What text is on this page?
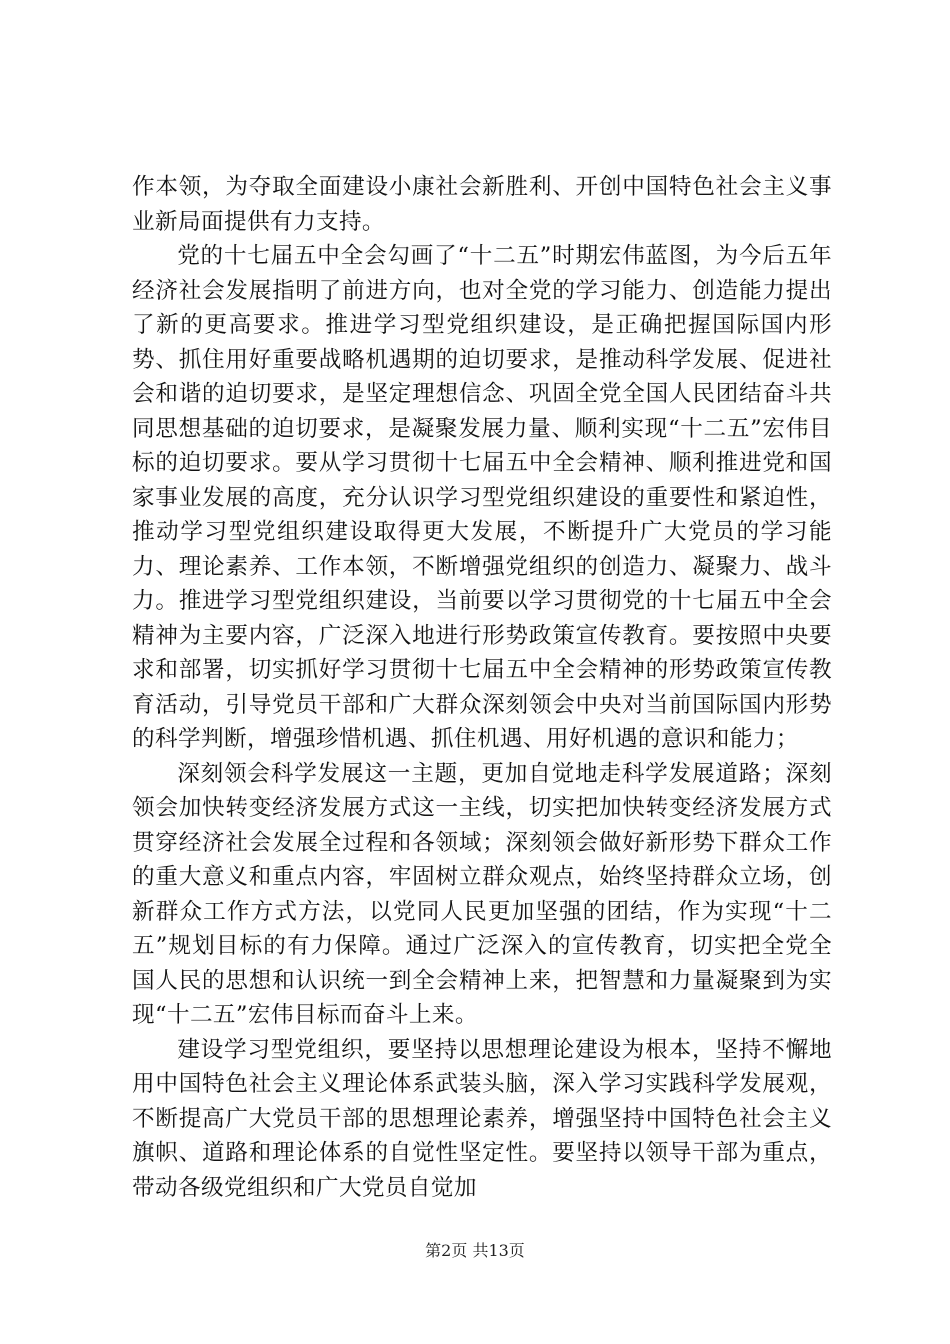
作本领，为夺取全面建设小康社会新胜利、开创中国特色社会主义事业新局面提供有力支持。

党的十七届五中全会勾画了“十二五”时期宏伟蓝图，为今后五年经济社会发展指明了前进方向，也对全党的学习能力、创造能力提出了新的更高要求。推进学习型党组织建设，是正确把握国际国内形势、抓住用好重要战略机遇期的迫切要求，是推动科学发展、促进社会和谐的迫切要求，是坚定理想信念、巩固全党全国人民团结奋斗共同思想基础的迫切要求，是凝聚发展力量、顺利实现“十二五”宏伟目标的迫切要求。要从学习贯彻十七届五中全会精神、顺利推进党和国家事业发展的高度，充分认识学习型党组织建设的重要性和紧迫性，推动学习型党组织建设取得更大发展，不断提升广大党员的学习能力、理论素养、工作本领，不断增强党组织的创造力、凝聚力、战斗力。推进学习型党组织建设，当前要以学习贯彻党的十七届五中全会精神为主要内容，广泛深入地进行形势政策宣传教育。要按照中央要求和部署，切实抓好学习贯彻十七届五中全会精神的形势政策宣传教育活动，引导党员干部和广大群众深刻领会中央对当前国际国内形势的科学判断，增强珍惜机遇、抓住机遇、用好机遇的意识和能力；

深刻领会科学发展这一主题，更加自觉地走科学发展道路；深刻领会加快转变经济发展方式这一主线，切实把加快转变经济发展方式贯穿经济社会发展全过程和各领域；深刻领会做好新形势下群众工作的重大意义和重点内容，牢固树立群众观点，始终坚持群众立场，创新群众工作方式方法，以党同人民更加坚强的团结，作为实现“十二五”规划目标的有力保障。通过广泛深入的宣传教育，切实把全党全国人民的思想和认识统一到全会精神上来，把智慧和力量凝聚到为实现“十二五”宏伟目标而奋斗上来。

建设学习型党组织，要坚持以思想理论建设为根本，坚持不懈地用中国特色社会主义理论体系武装头脑，深入学习实践科学发展观，不断提高广大党员干部的思想理论素养，增强坚持中国特色社会主义旗帜、道路和理论体系的自觉性坚定性。要坚持以领导干部为重点，带动各级党组织和广大党员自觉加

第2页 共13页
